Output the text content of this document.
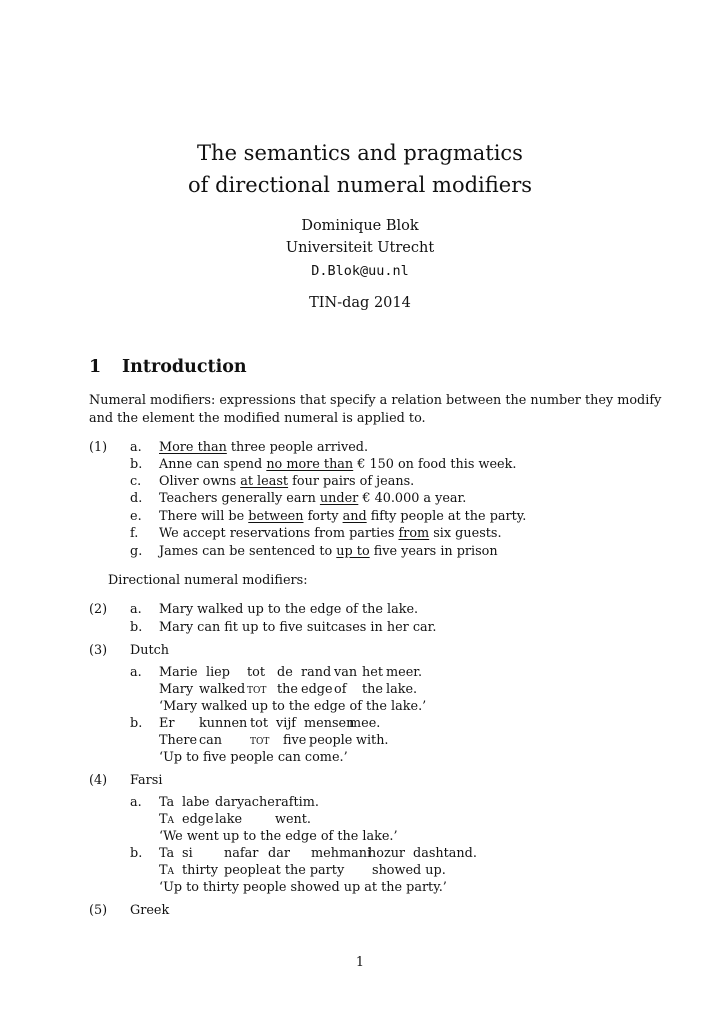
The semantics and pragmatics
of directional numeral modifiers
Dominique Blok
Universiteit Utrecht
D.Blok@uu.nl
TIN-dag 2014
1 Introduction
Numeral modifiers: expressions that specify a relation between the number they modify
and the element the modified numeral is applied to.
(1) a. More than three people arrived.
b. Anne can spend no more than € 150 on food this week.
c. Oliver owns at least four pairs of jeans.
d. Teachers generally earn under € 40.000 a year.
e. There will be between forty and fifty people at the party.
f. We accept reservations from parties from six guests.
g. James can be sentenced to up to five years in prison
Directional numeral modifiers:
(2) a. Mary walked up to the edge of the lake.
b. Mary can fit up to five suitcases in her car.
(3) Dutch
a. Marie liep tot de rand van het meer.
Mary walked tot the edge of the lake.
‘Mary walked up to the edge of the lake.’
b. Er kunnen tot vijf mensen
mee.
There can tot five people with.
‘Up to five people can come.’
(4) Farsi
a. Ta labe daryache raftim.
Ta edge lake	went.
‘We went up to the edge of the lake.’
b. Ta si nafar dar mehmani
hozur dashtand.
Ta thirty people at the party showed up.
‘Up to thirty people showed up at the party.’
(5) Greek
1
